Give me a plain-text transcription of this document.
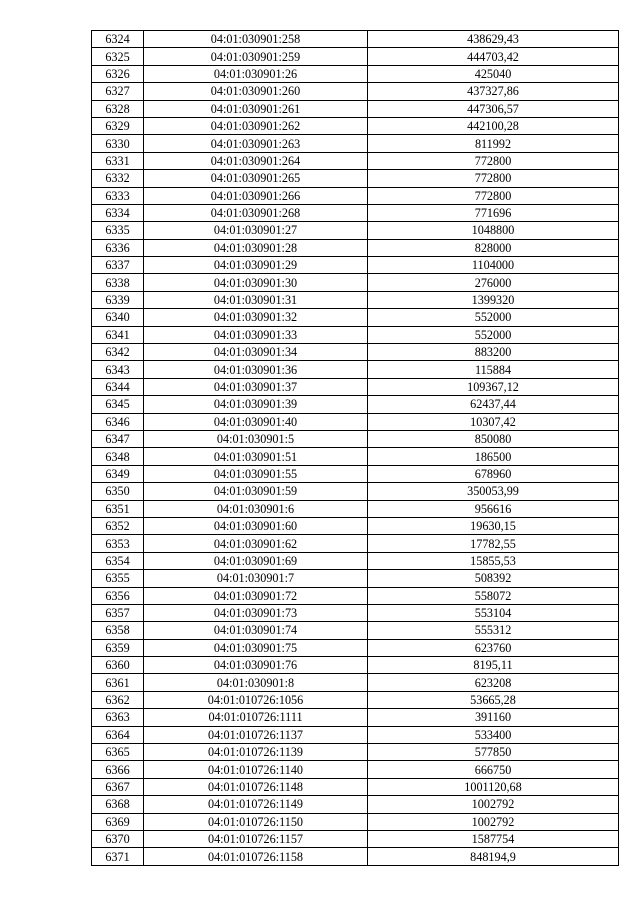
6324	04:01:030901:258	438629,43
6325	04:01:030901:259	444703,42
6326	04:01:030901:26	425040
6327	04:01:030901:260	437327,86
6328	04:01:030901:261	447306,57
6329	04:01:030901:262	442100,28
6330	04:01:030901:263	811992
6331	04:01:030901:264	772800
6332	04:01:030901:265	772800
6333	04:01:030901:266	772800
6334	04:01:030901:268	771696
6335	04:01:030901:27	1048800
6336	04:01:030901:28	828000
6337	04:01:030901:29	1104000
6338	04:01:030901:30	276000
6339	04:01:030901:31	1399320
6340	04:01:030901:32	552000
6341	04:01:030901:33	552000
6342	04:01:030901:34	883200
6343	04:01:030901:36	115884
6344	04:01:030901:37	109367,12
6345	04:01:030901:39	62437,44
6346	04:01:030901:40	10307,42
6347	04:01:030901:5	850080
6348	04:01:030901:51	186500
6349	04:01:030901:55	678960
6350	04:01:030901:59	350053,99
6351	04:01:030901:6	956616
6352	04:01:030901:60	19630,15
6353	04:01:030901:62	17782,55
6354	04:01:030901:69	15855,53
6355	04:01:030901:7	508392
6356	04:01:030901:72	558072
6357	04:01:030901:73	553104
6358	04:01:030901:74	555312
6359	04:01:030901:75	623760
6360	04:01:030901:76	8195,11
6361	04:01:030901:8	623208
6362	04:01:010726:1056	53665,28
6363	04:01:010726:1111	391160
6364	04:01:010726:1137	533400
6365	04:01:010726:1139	577850
6366	04:01:010726:1140	666750
6367	04:01:010726:1148	1001120,68
6368	04:01:010726:1149	1002792
6369	04:01:010726:1150	1002792
6370	04:01:010726:1157	1587754
6371	04:01:010726:1158	848194,9
